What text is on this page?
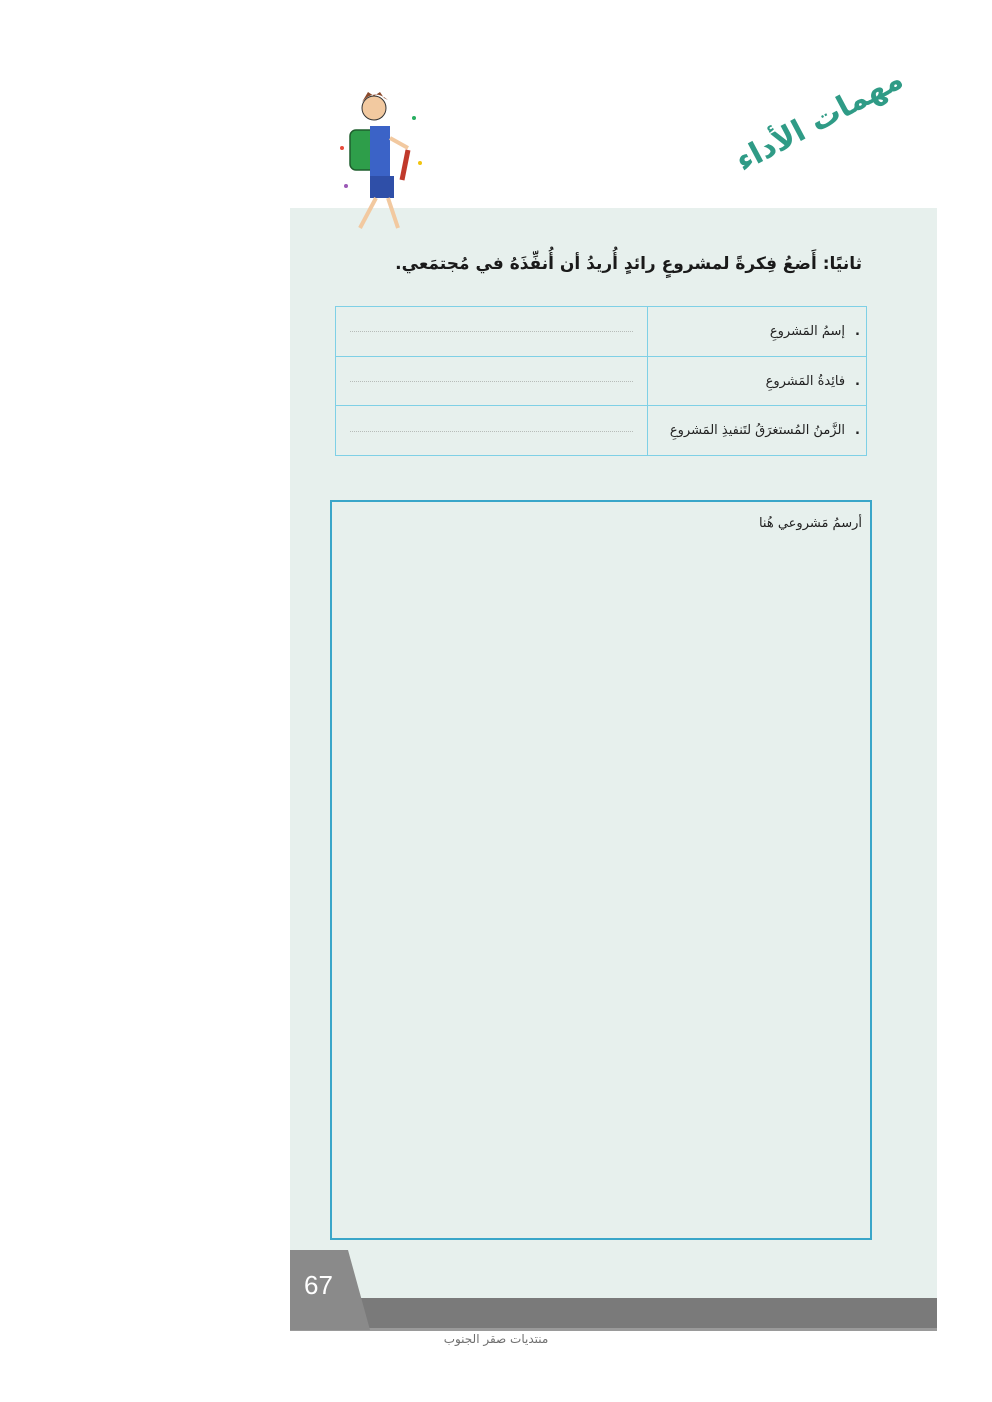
مهمات الأداء
ثانيًا: أَضعُ فِكرةً لمشروعٍ رائدٍ أُريدُ أن أُنفِّذَهُ في مُجتمَعي.
.
إسمُ المَشروعِ
.
فائِدةُ المَشروعِ
.
الزَّمنُ المُستغرَقُ لتَنفيذِ المَشروعِ
أرسمُ مَشروعي هُنا
67
منتديات صقر الجنوب
